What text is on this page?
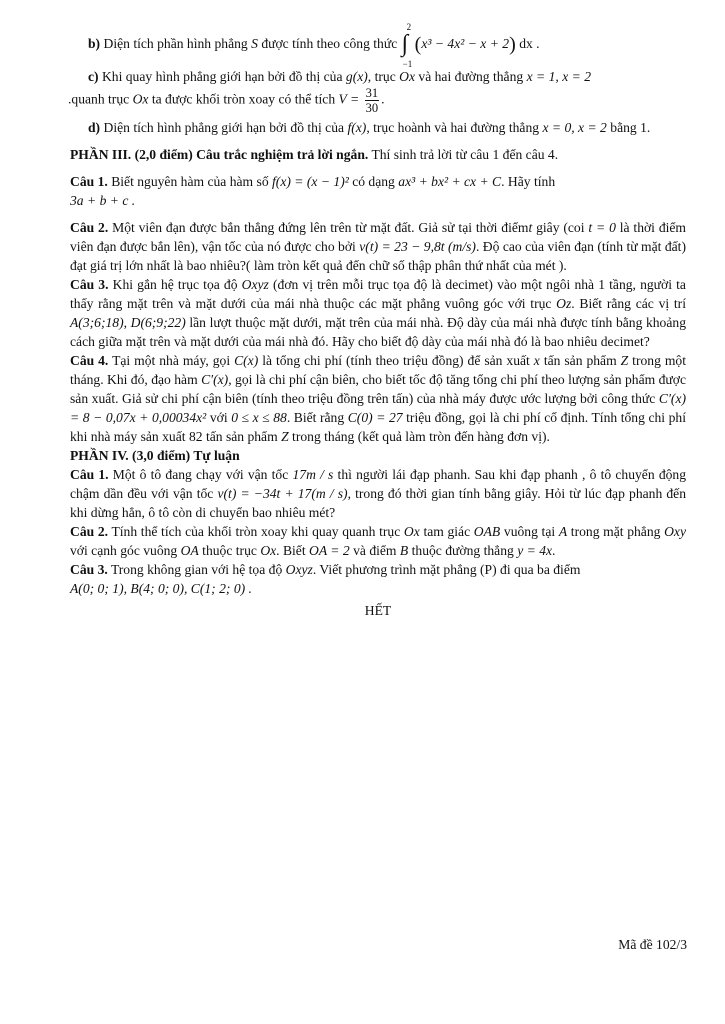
b) Diện tích phần hình phẳng S được tính theo công thức
2
∫
−1
(x³ − 4x² − x + 2) dx .

c) Khi quay hình phẳng giới hạn bởi đồ thị của g(x), trục Ox và hai đường thẳng x = 1, x = 2

.quanh trục Ox ta được khối tròn xoay có thể tích $V = \frac{31}{30}$ .

d) Diện tích hình phẳng giới hạn bởi đồ thị của f(x), trục hoành và hai đường thẳng x = 0, x = 2 bằng 1.

PHẦN III. (2,0 điểm) Câu trắc nghiệm trả lời ngắn. Thí sinh trả lời từ câu 1 đến câu 4.

Câu 1. Biết nguyên hàm của hàm số f(x) = (x − 1)² có dạng ax³ + bx² + cx + C. Hãy tính
3a + b + c .

Câu 2. Một viên đạn được bắn thẳng đứng lên trên từ mặt đất. Giả sử tại thời điểmt giây (coi t = 0 là thời điểm viên đạn được bắn lên), vận tốc của nó được cho bởi v(t) = 23 − 9,8t (m/s). Độ cao của viên đạn (tính từ mặt đất) đạt giá trị lớn nhất là bao nhiêu?( làm tròn kết quả đến chữ số thập phân thứ nhất của mét ).

Câu 3. Khi gắn hệ trục tọa độ Oxyz (đơn vị trên mỗi trục tọa độ là decimet) vào một ngôi nhà 1 tầng, người ta thấy rằng mặt trên và mặt dưới của mái nhà thuộc các mặt phẳng vuông góc với trục Oz. Biết rằng các vị trí A(3;6;18), D(6;9;22) lần lượt thuộc mặt dưới, mặt trên của mái nhà. Độ dày của mái nhà được tính bằng khoảng cách giữa mặt trên và mặt dưới của mái nhà đó. Hãy cho biết độ dày của mái nhà đó là bao nhiêu decimet?

Câu 4. Tại một nhà máy, gọi C(x) là tổng chi phí (tính theo triệu đồng) để sản xuất x tấn sản phẩm Z trong một tháng. Khi đó, đạo hàm C′(x), gọi là chi phí cận biên, cho biết tốc độ tăng tổng chi phí theo lượng sản phẩm được sản xuất. Giả sử chi phí cận biên (tính theo triệu đồng trên tấn) của nhà máy được ước lượng bởi công thức C′(x) = 8 − 0,07x + 0,00034x² với 0 ≤ x ≤ 88. Biết rằng C(0) = 27 triệu đồng, gọi là chi phí cố định. Tính tổng chi phí khi nhà máy sản xuất 82 tấn sản phẩm Z trong tháng (kết quả làm tròn đến hàng đơn vị).

PHẦN IV. (3,0 điểm) Tự luận

Câu 1. Một ô tô đang chạy với vận tốc 17m / s thì người lái đạp phanh. Sau khi đạp phanh , ô tô chuyển động chậm dần đều với vận tốc v(t) = −34t + 17(m / s), trong đó thời gian tính bằng giây. Hỏi từ lúc đạp phanh đến khi dừng hẳn, ô tô còn di chuyển bao nhiêu mét?

Câu 2. Tính thể tích của khối tròn xoay khi quay quanh trục Ox tam giác OAB vuông tại A trong mặt phẳng Oxy với cạnh góc vuông OA thuộc trục Ox. Biết OA = 2 và điểm B thuộc đường thẳng y = 4x.

Câu 3. Trong không gian với hệ tọa độ Oxyz. Viết phương trình mặt phẳng (P) đi qua ba điểm
A(0; 0; 1), B(4; 0; 0), C(1; 2; 0) .

HẾT

Mã đề 102/3
